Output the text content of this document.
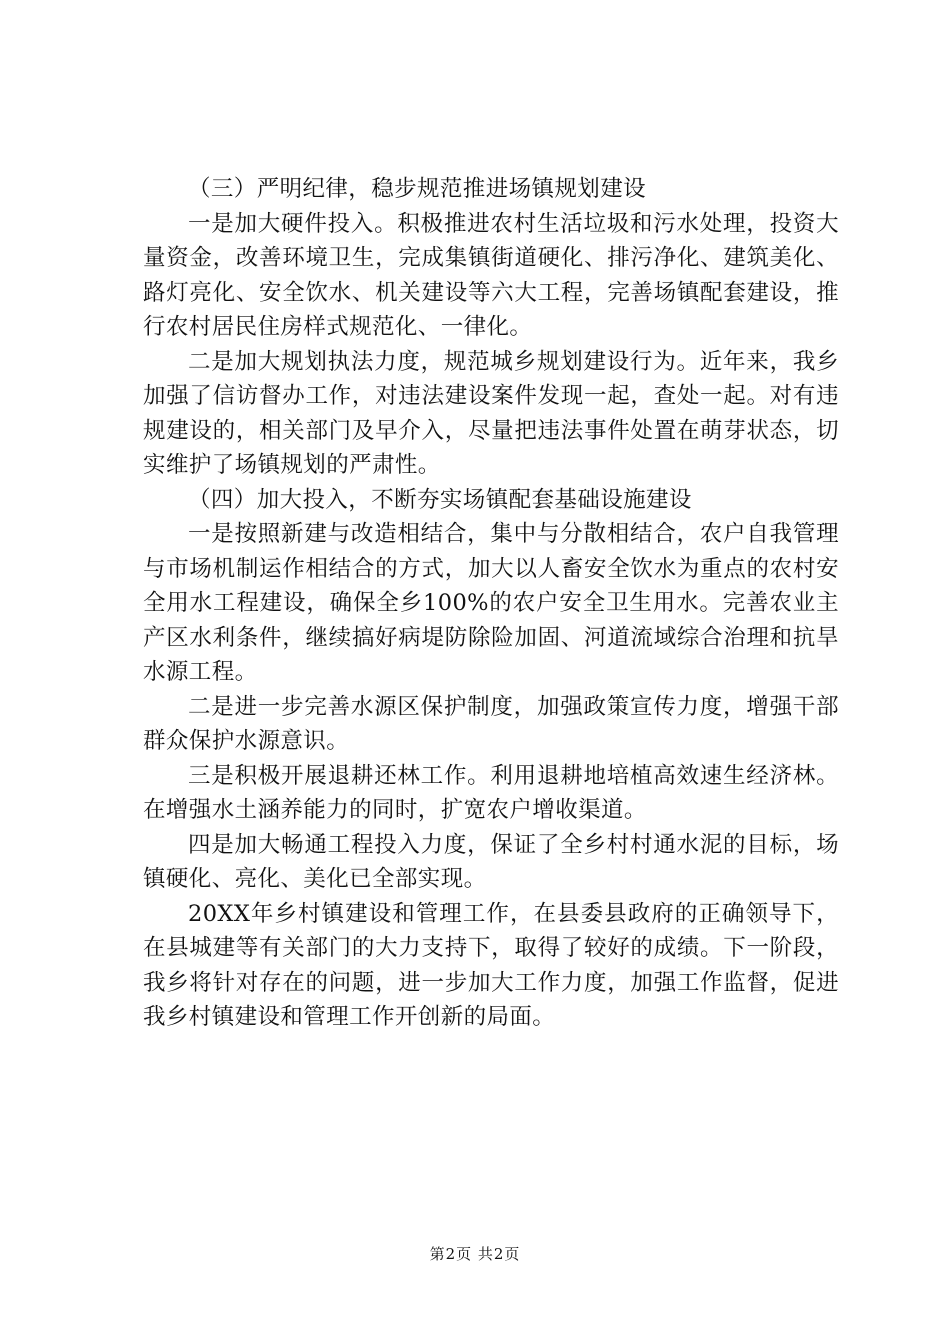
（三）严明纪律，稳步规范推进场镇规划建设

一是加大硬件投入。积极推进农村生活垃圾和污水处理，投资大量资金，改善环境卫生，完成集镇街道硬化、排污净化、建筑美化、路灯亮化、安全饮水、机关建设等六大工程，完善场镇配套建设，推行农村居民住房样式规范化、一律化。

二是加大规划执法力度，规范城乡规划建设行为。近年来，我乡加强了信访督办工作，对违法建设案件发现一起，查处一起。对有违规建设的，相关部门及早介入，尽量把违法事件处置在萌芽状态，切实维护了场镇规划的严肃性。

（四）加大投入，不断夯实场镇配套基础设施建设

一是按照新建与改造相结合，集中与分散相结合，农户自我管理与市场机制运作相结合的方式，加大以人畜安全饮水为重点的农村安全用水工程建设，确保全乡100%的农户安全卫生用水。完善农业主产区水利条件，继续搞好病堤防除险加固、河道流域综合治理和抗旱水源工程。

二是进一步完善水源区保护制度，加强政策宣传力度，增强干部群众保护水源意识。

三是积极开展退耕还林工作。利用退耕地培植高效速生经济林。在增强水土涵养能力的同时，扩宽农户增收渠道。

四是加大畅通工程投入力度，保证了全乡村村通水泥的目标，场镇硬化、亮化、美化已全部实现。

20XX年乡村镇建设和管理工作，在县委县政府的正确领导下，在县城建等有关部门的大力支持下，取得了较好的成绩。下一阶段，我乡将针对存在的问题，进一步加大工作力度，加强工作监督，促进我乡村镇建设和管理工作开创新的局面。

第2页 共2页
